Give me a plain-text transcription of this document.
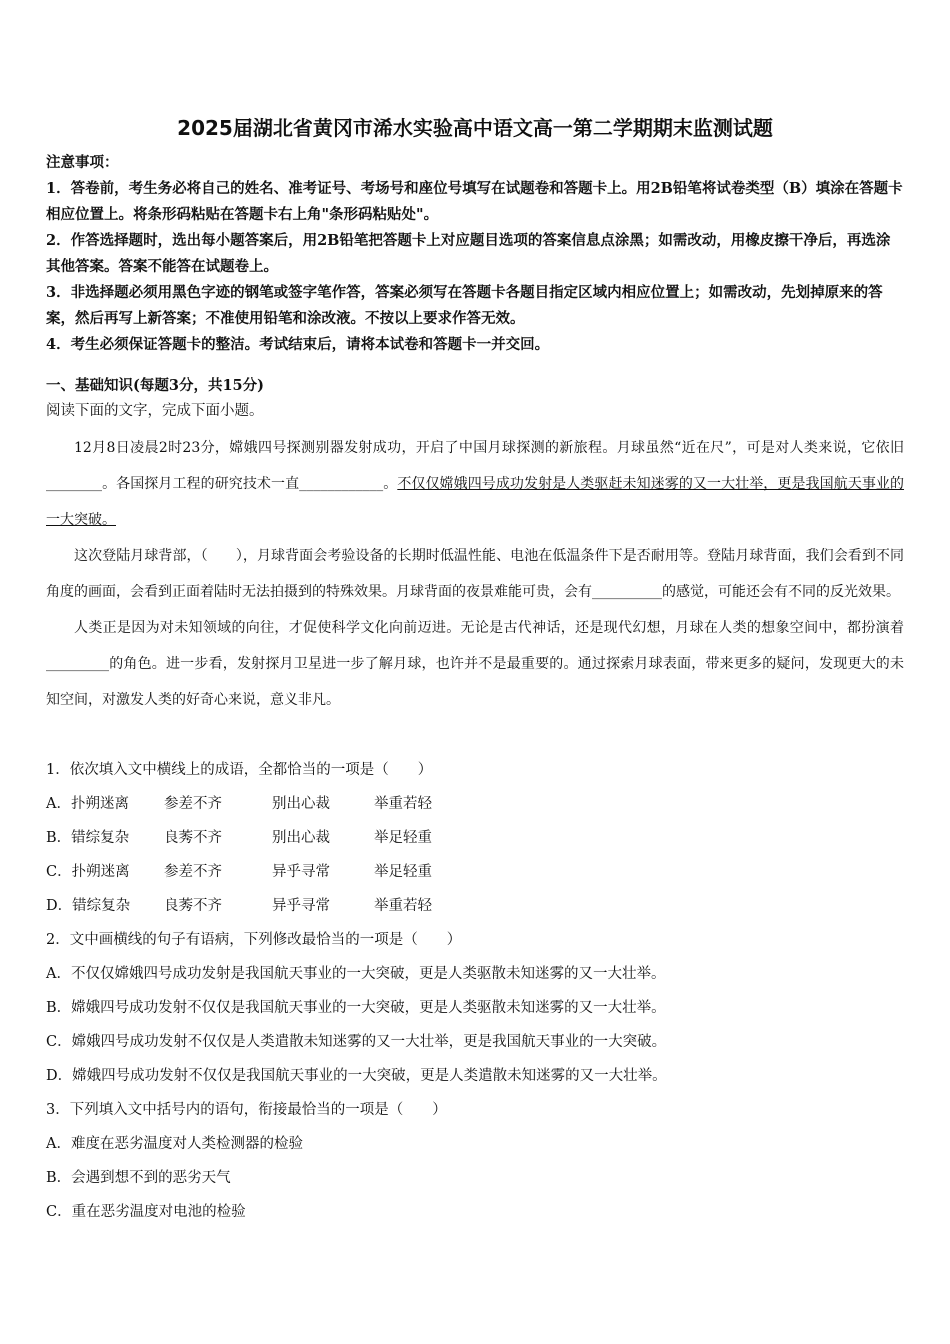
2025届湖北省黄冈市浠水实验高中语文高一第二学期期末监测试题

注意事项：

1．答卷前，考生务必将自己的姓名、准考证号、考场号和座位号填写在试题卷和答题卡上。用2B铅笔将试卷类型（B）填涂在答题卡相应位置上。将条形码粘贴在答题卡右上角"条形码粘贴处"。

2．作答选择题时，选出每小题答案后，用2B铅笔把答题卡上对应题目选项的答案信息点涂黑；如需改动，用橡皮擦干净后，再选涂其他答案。答案不能答在试题卷上。

3．非选择题必须用黑色字迹的钢笔或签字笔作答，答案必须写在答题卡各题目指定区域内相应位置上；如需改动，先划掉原来的答案，然后再写上新答案；不准使用铅笔和涂改液。不按以上要求作答无效。

4．考生必须保证答题卡的整洁。考试结束后，请将本试卷和答题卡一并交回。

一、基础知识(每题3分，共15分)
阅读下面的文字，完成下面小题。

12月8日凌晨2时23分，嫦娥四号探测别器发射成功，开启了中国月球探测的新旅程。月球虽然“近在尺”，可是对人类来说，它依旧________。各国探月工程的研究技术一直____________。不仅仅嫦娥四号成功发射是人类驱赶未知迷雾的又一大壮举，更是我国航天事业的一大突破。

这次登陆月球背部，（　　），月球背面会考验设备的长期时低温性能、电池在低温条件下是否耐用等。登陆月球背面，我们会看到不同角度的画面，会看到正面着陆时无法拍摄到的特殊效果。月球背面的夜景难能可贵，会有__________的感觉，可能还会有不同的反光效果。

人类正是因为对未知领域的向往，才促使科学文化向前迈进。无论是古代神话，还是现代幻想，月球在人类的想象空间中，都扮演着_________的角色。进一步看，发射探月卫星进一步了解月球，也许并不是最重要的。通过探索月球表面，带来更多的疑问，发现更大的未知空间，对激发人类的好奇心来说，意义非凡。

1．依次填入文中横线上的成语，全都恰当的一项是（　　）

A．扑朔迷离 参差不齐	别出心裁	举重若轻

B．错综复杂 良莠不齐	别出心裁	举足轻重

C．扑朔迷离 参差不齐	异乎寻常	举足轻重

D．错综复杂 良莠不齐	异乎寻常	举重若轻

2．文中画横线的句子有语病，下列修改最恰当的一项是（　　）

A．不仅仅嫦娥四号成功发射是我国航天事业的一大突破，更是人类驱散未知迷雾的又一大壮举。

B．嫦娥四号成功发射不仅仅是我国航天事业的一大突破，更是人类驱散未知迷雾的又一大壮举。

C．嫦娥四号成功发射不仅仅是人类遣散未知迷雾的又一大壮举，更是我国航天事业的一大突破。

D．嫦娥四号成功发射不仅仅是我国航天事业的一大突破，更是人类遣散未知迷雾的又一大壮举。

3．下列填入文中括号内的语句，衔接最恰当的一项是（　　）

A．难度在恶劣温度对人类检测器的检验

B．会遇到想不到的恶劣天气

C．重在恶劣温度对电池的检验
